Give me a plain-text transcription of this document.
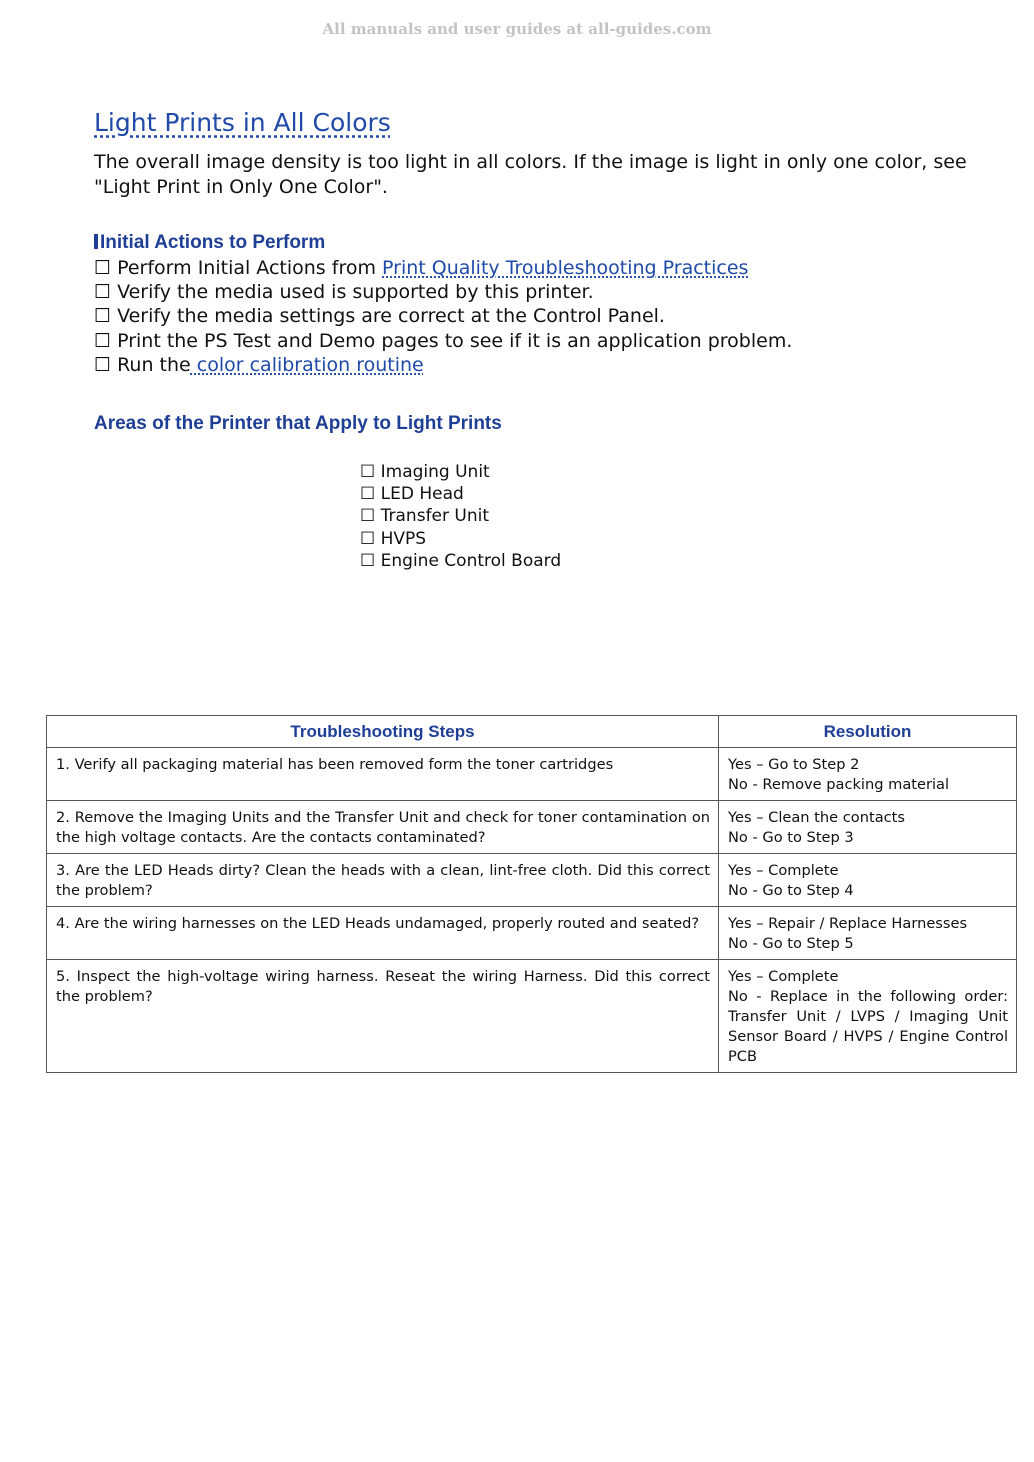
All manuals and user guides at all-guides.com
Light Prints in All Colors
The overall image density is too light in all colors. If the image is light in only one color, see "Light Print in Only One Color".
Initial Actions to Perform
☐ Perform Initial Actions from Print Quality Troubleshooting Practices
☐ Verify the media used is supported by this printer.
☐ Verify the media settings are correct at the Control Panel.
☐ Print the PS Test and Demo pages to see if it is an application problem.
☐ Run the color calibration routine
Areas of the Printer that Apply to Light Prints
☐ Imaging Unit
☐ LED Head
☐ Transfer Unit
☐ HVPS
☐ Engine Control Board
Troubleshooting Steps	Resolution
1. Verify all packaging material has been removed form the toner cartridges	Yes – Go to Step 2
No - Remove packing material

2. Remove the Imaging Units and the Transfer Unit and check for toner contamination on the high voltage contacts. Are the contacts contaminated?	Yes – Clean the contacts
No - Go to Step 3

3. Are the LED Heads dirty? Clean the heads with a clean, lint-free cloth. Did this correct the problem?	Yes – Complete
No - Go to Step 4

4. Are the wiring harnesses on the LED Heads undamaged, properly routed and seated?	Yes – Repair / Replace Harnesses
No - Go to Step 5

5. Inspect the high-voltage wiring harness. Reseat the wiring Harness. Did this correct the problem?	Yes – Complete
No - Replace in the following order: Transfer Unit / LVPS / Imaging Unit Sensor Board / HVPS / Engine Control PCB
